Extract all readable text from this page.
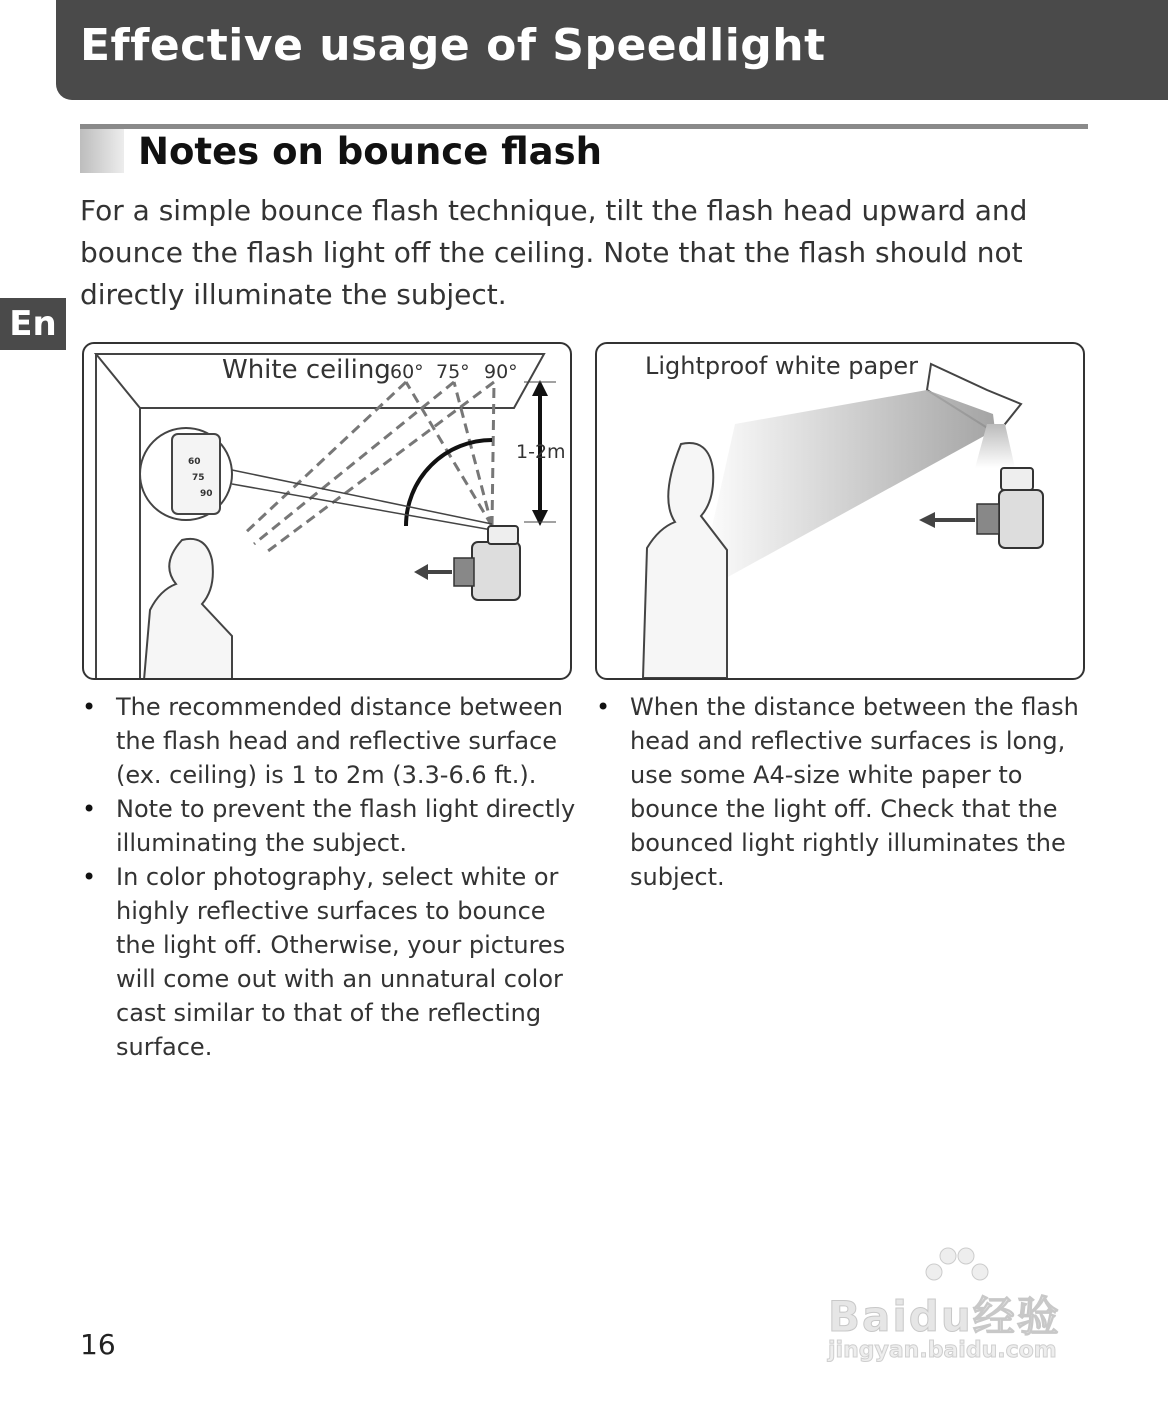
Effective usage of Speedlight
En
Notes on bounce flash

For a simple bounce flash technique, tilt the flash head upward and bounce the flash light off the ceiling. Note that the flash should not directly illuminate the subject.

White ceiling 60° 75° 90°
1-2m
60
75
90
Lightproof white paper
• The recommended distance between the flash head and reflective surface (ex. ceiling) is 1 to 2m (3.3-6.6 ft.).
• Note to prevent the flash light directly illuminating the subject.
• In color photography, select white or highly reflective surfaces to bounce the light off. Otherwise, your pictures will come out with an unnatural color cast similar to that of the reflecting surface.
• When the distance between the flash head and reflective surfaces is long, use some A4-size white paper to bounce the light off. Check that the bounced light rightly illuminates the subject.
16
Baidu经验
jingyan.baidu.com
